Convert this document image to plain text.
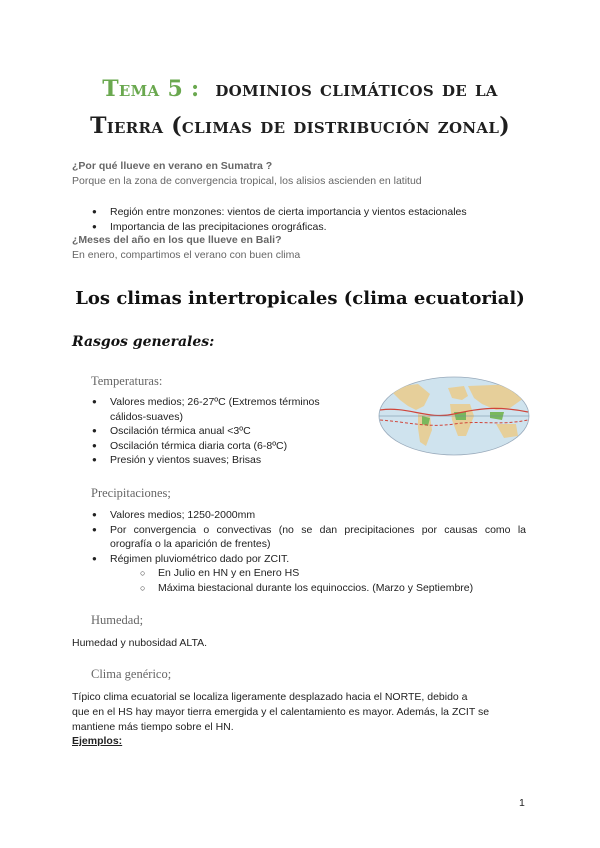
Tema 5 : dominios climáticos de la
Tierra (climas de distribución zonal)
¿Por qué llueve en verano en Sumatra ?
Porque en la zona de convergencia tropical, los alisios ascienden en latitud
● Región entre monzones: vientos de cierta importancia y vientos estacionales
● Importancia de las precipitaciones orográficas.
¿Meses del año en los que llueve en Bali?
En enero, compartimos el verano con buen clima
Los climas intertropicales (clima ecuatorial)
Rasgos generales:
Temperaturas:
● Valores medios; 26-27ºC (Extremos términos
cálidos-suaves)
● Oscilación térmica anual <3ºC
● Oscilación térmica diaria corta (6-8ºC)
● Presión y vientos suaves; Brisas
Precipitaciones;
● Valores medios; 1250-2000mm
● Por convergencia o convectivas (no se dan precipitaciones por causas como la
orografía o la aparición de frentes)
● Régimen pluviométrico dado por ZCIT.
○ En Julio en HN y en Enero HS
○ Máxima biestacional durante los equinoccios. (Marzo y Septiembre)
Humedad;
Humedad y nubosidad ALTA.
Clima genérico;
Típico clima ecuatorial se localiza ligeramente desplazado hacia el NORTE, debido a
que en el HS hay mayor tierra emergida y el calentamiento es mayor. Además, la ZCIT se
mantiene más tiempo sobre el HN.
Ejemplos:
1
